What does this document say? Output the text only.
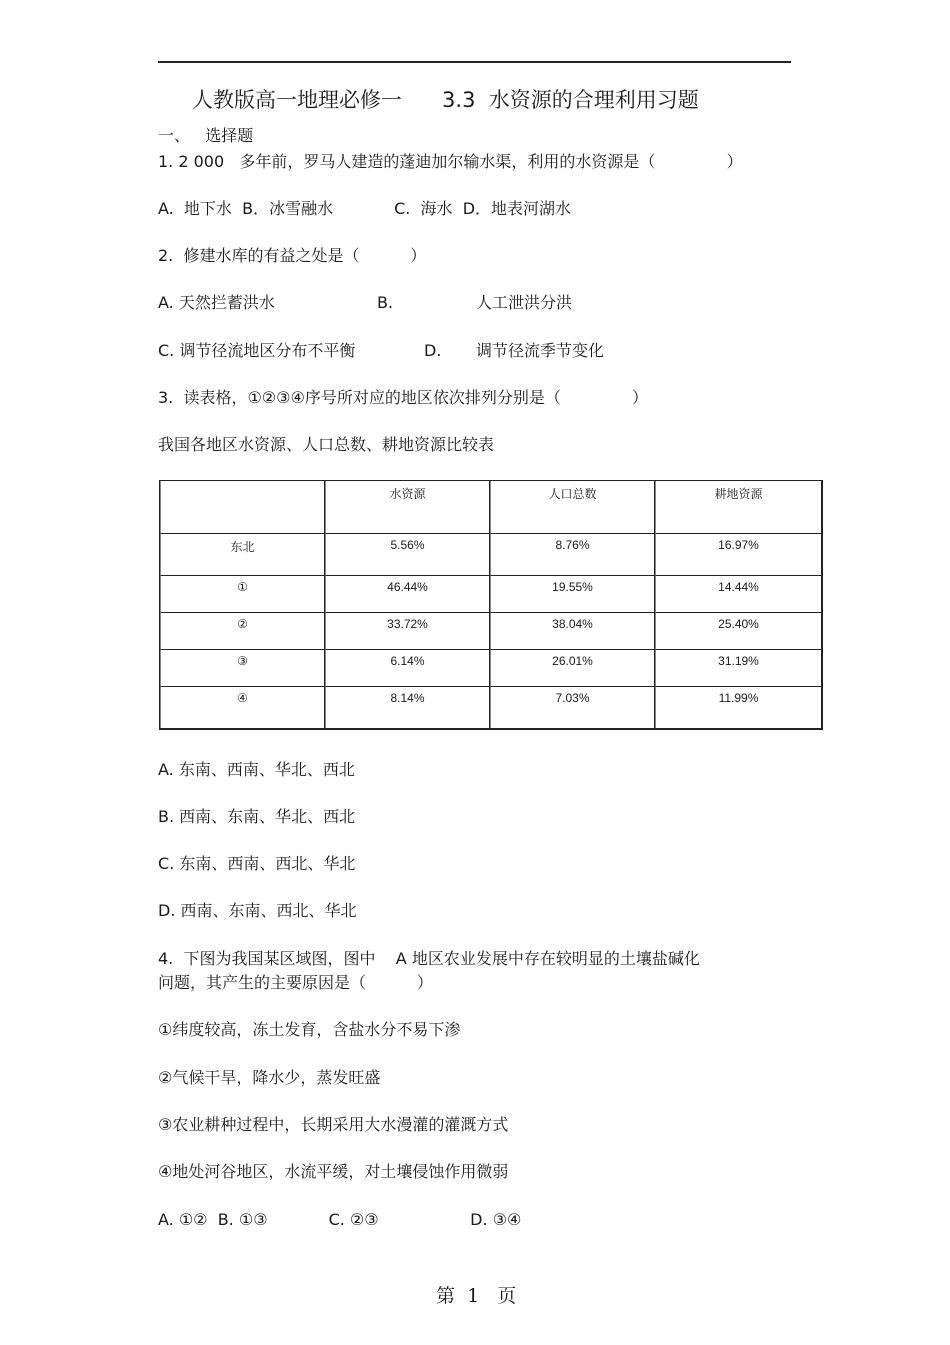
人教版高一地理必修一      3.3  水资源的合理利用习题
一、   选择题
1. 2 000   多年前，罗马人建造的蓬迪加尔输水渠，利用的水资源是（              ）
A.  地下水  B．冰雪融水            C.  海水  D．地表河湖水
2.  修建水库的有益之处是（          ）
A. 天然拦蓄洪水	B.	人工泄洪分洪
C. 调节径流地区分布不平衡	D. 调节径流季节变化
3.  读表格，①②③④序号所对应的地区依次排列分别是（              ）
我国各地区水资源、人口总数、耕地资源比较表
	水资源	人口总数	耕地资源
东北	5.56%	8.76%	16.97%
①	46.44%	19.55%	14.44%
②	33.72%	38.04%	25.40%
③	6.14%	26.01%	31.19%
④	8.14%	7.03%	11.99%
A. 东南、西南、华北、西北
B. 西南、东南、华北、西北
C. 东南、西南、西北、华北
D. 西南、东南、西北、华北
4.  下图为我国某区域图，图中    A 地区农业发展中存在较明显的土壤盐碱化
问题，其产生的主要原因是（          ）
①纬度较高，冻土发育，含盐水分不易下渗
②气候干旱，降水少，蒸发旺盛
③农业耕种过程中，长期采用大水漫灌的灌溉方式
④地处河谷地区，水流平缓，对土壤侵蚀作用微弱
A. ①②  B. ①③            C. ②③                  D. ③④
第  1   页
